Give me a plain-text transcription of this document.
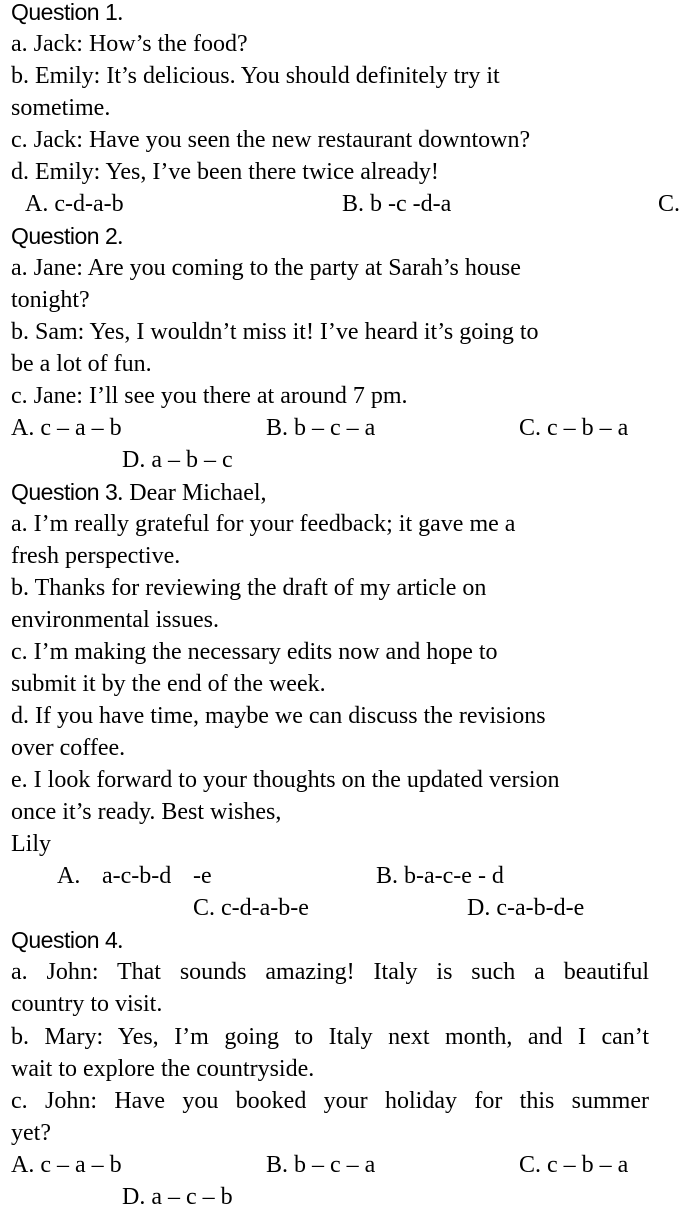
Question 1.
a. Jack: How’s the food?
b. Emily: It’s delicious. You should definitely try it
sometime.
c. Jack: Have you seen the new restaurant downtown?
d. Emily: Yes, I’ve been there twice already!
A. c-d-a-b	B. b -c -d-a	C.
Question 2.
a. Jane: Are you coming to the party at Sarah’s house
tonight?
b. Sam: Yes, I wouldn’t miss it! I’ve heard it’s going to
be a lot of fun.
c. Jane: I’ll see you there at around 7 pm.
A. c – a – b	B. b – c – a	C. c – b – a
D. a – b – c
Question 3. Dear Michael,
a. I’m really grateful for your feedback; it gave me a
fresh perspective.
b. Thanks for reviewing the draft of my article on
environmental issues.
c. I’m making the necessary edits now and hope to
submit it by the end of the week.
d. If you have time, maybe we can discuss the revisions
over coffee.
e. I look forward to your thoughts on the updated version
once it’s ready. Best wishes,
Lily
A. a-c-b-d -e	B. b-a-c-e - d
C. c-d-a-b-e	D. c-a-b-d-e
Question 4.
a. John: That sounds amazing! Italy is such a beautiful
country to visit.
b. Mary: Yes, I’m going to Italy next month, and I can’t
wait to explore the countryside.
c. John: Have you booked your holiday for this summer
yet?
A. c – a – b	B. b – c – a	C. c – b – a
D. a – c – b
